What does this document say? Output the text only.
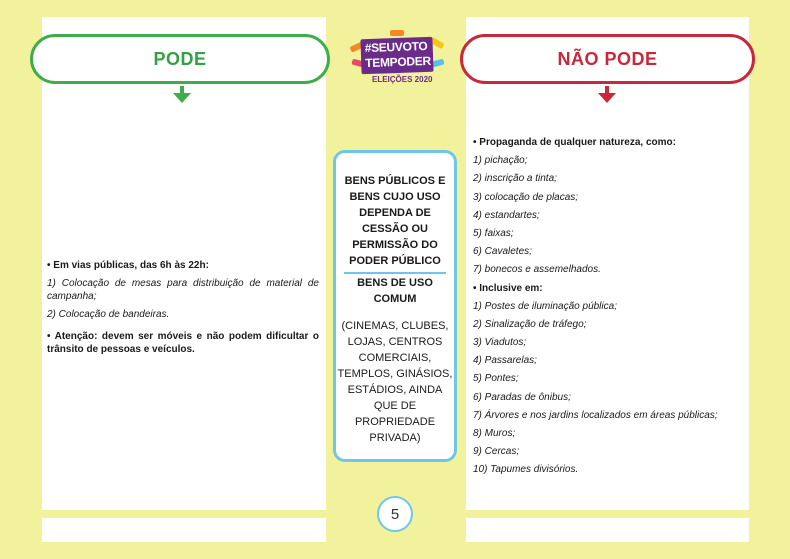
PODE	NÃO PODE
#SEUVOTO
TEMPODER
ELEIÇÕES 2020

• Em vias públicas, das 6h às 22h:

1) Colocação de mesas para distribuição de material de campanha;

2) Colocação de bandeiras.

• Atenção: devem ser móveis e não podem dificultar o trânsito de pessoas e veículos.

BENS PÚBLICOS E BENS CUJO USO DEPENDA DE CESSÃO OU PERMISSÃO DO PODER PÚBLICO
BENS DE USO COMUM
(CINEMAS, CLUBES, LOJAS, CENTROS COMERCIAIS, TEMPLOS, GINÁSIOS, ESTÁDIOS, AINDA QUE DE PROPRIEDADE PRIVADA)
• Propaganda de qualquer natureza, como:
1) pichação;
2) inscrição a tinta;
3) colocação de placas;
4) estandartes;
5) faixas;
6) Cavaletes;
7) bonecos e assemelhados.
• Inclusive em:
1) Postes de iluminação pública;
2) Sinalização de tráfego;
3) Viadutos;
4) Passarelas;
5) Pontes;
6) Paradas de ônibus;
7) Árvores e nos jardins localizados em áreas públicas;
8) Muros;
9) Cercas;
10) Tapumes divisórios.
5
